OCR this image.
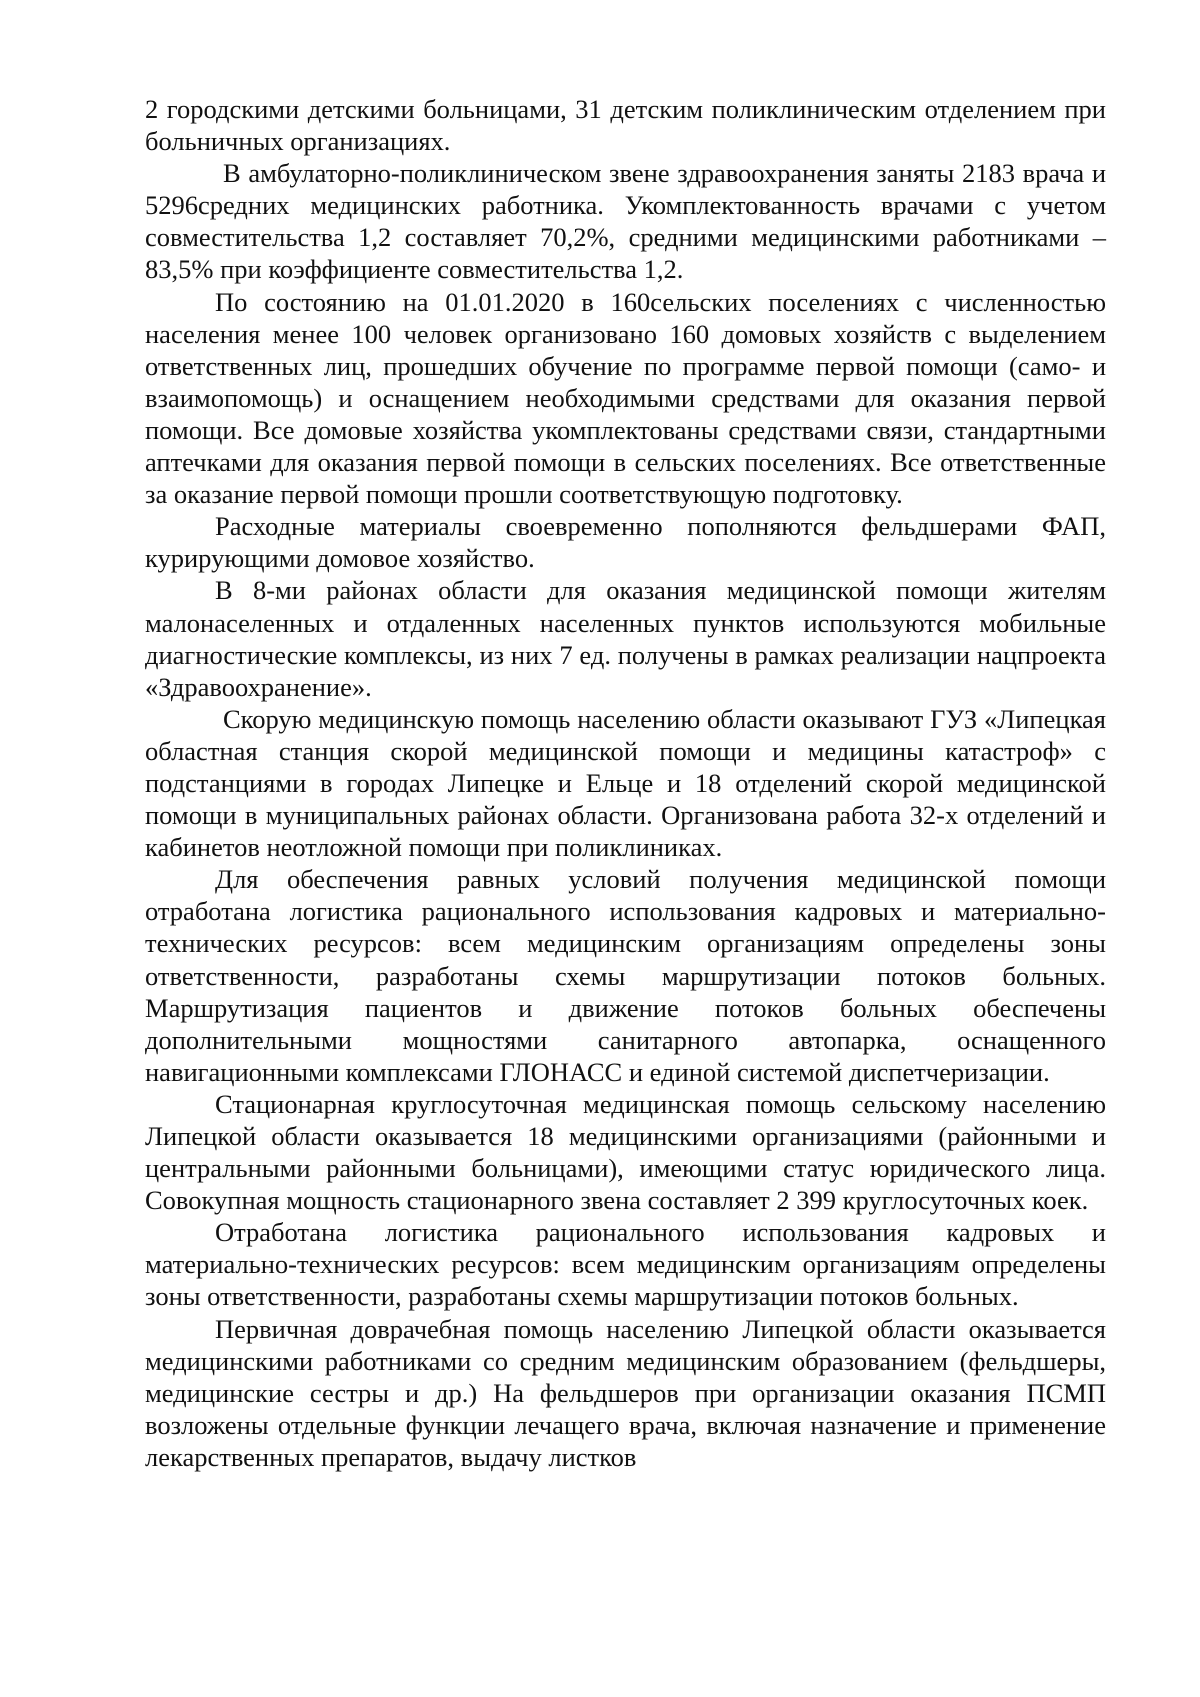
2 городскими детскими больницами, 31 детским поликлиническим отделением при больничных организациях.

В амбулаторно-поликлиническом звене здравоохранения заняты 2183 врача и 5296средних медицинских работника. Укомплектованность врачами с учетом совместительства 1,2 составляет 70,2%, средними медицинскими работниками – 83,5% при коэффициенте совместительства 1,2.

По состоянию на 01.01.2020 в 160сельских поселениях с численностью населения менее 100 человек организовано 160 домовых хозяйств с выделением ответственных лиц, прошедших обучение по программе первой помощи (само- и взаимопомощь) и оснащением необходимыми средствами для оказания первой помощи. Все домовые хозяйства укомплектованы средствами связи, стандартными аптечками для оказания первой помощи в сельских поселениях. Все ответственные за оказание первой помощи прошли соответствующую подготовку.

Расходные материалы своевременно пополняются фельдшерами ФАП, курирующими домовое хозяйство.

В 8-ми районах области для оказания медицинской помощи жителям малонаселенных и отдаленных населенных пунктов используются мобильные диагностические комплексы, из них 7 ед. получены в рамках реализации нацпроекта «Здравоохранение».

Скорую медицинскую помощь населению области оказывают ГУЗ «Липецкая областная станция скорой медицинской помощи и медицины катастроф» с подстанциями в городах Липецке и Ельце и 18 отделений скорой медицинской помощи в муниципальных районах области. Организована работа 32-х отделений и кабинетов неотложной помощи при поликлиниках.

Для обеспечения равных условий получения медицинской помощи отработана логистика рационального использования кадровых и материально-технических ресурсов: всем медицинским организациям определены зоны ответственности, разработаны схемы маршрутизации потоков больных. Маршрутизация пациентов и движение потоков больных обеспечены дополнительными мощностями санитарного автопарка, оснащенного навигационными комплексами ГЛОНАСС и единой системой диспетчеризации.

Стационарная круглосуточная медицинская помощь сельскому населению Липецкой области оказывается 18 медицинскими организациями (районными и центральными районными больницами), имеющими статус юридического лица. Совокупная мощность стационарного звена составляет 2 399 круглосуточных коек.

Отработана логистика рационального использования кадровых и материально-технических ресурсов: всем медицинским организациям определены зоны ответственности, разработаны схемы маршрутизации потоков больных.

Первичная доврачебная помощь населению Липецкой области оказывается медицинскими работниками со средним медицинским образованием (фельдшеры, медицинские сестры и др.) На фельдшеров при организации оказания ПСМП возложены отдельные функции лечащего врача, включая назначение и применение лекарственных препаратов, выдачу листков
